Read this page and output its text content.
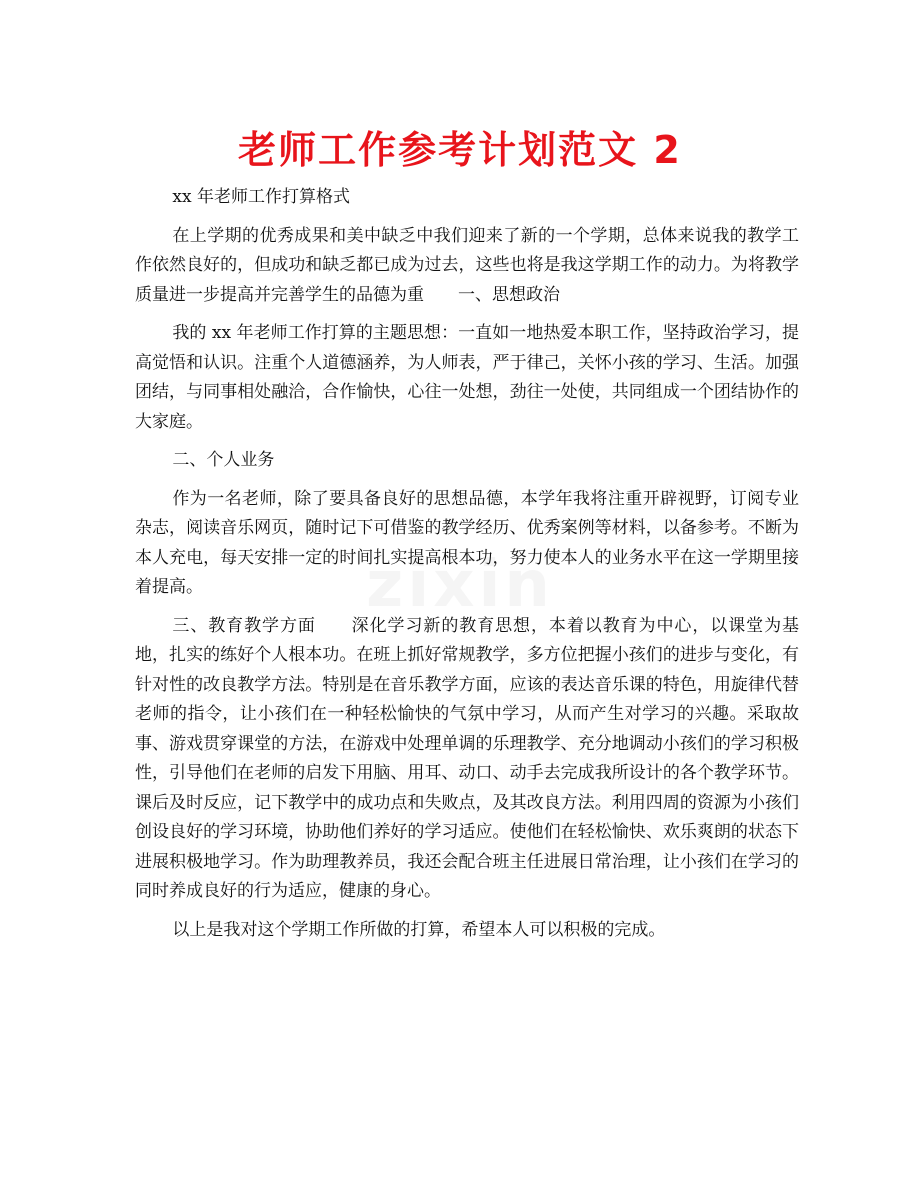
老师工作参考计划范文 2
zixin

xx 年老师工作打算格式

在上学期的优秀成果和美中缺乏中我们迎来了新的一个学期，总体来说我的教学工作依然良好的，但成功和缺乏都已成为过去，这些也将是我这学期工作的动力。为将教学质量进一步提高并完善学生的品德为重　　一、思想政治

我的 xx 年老师工作打算的主题思想：一直如一地热爱本职工作，坚持政治学习，提高觉悟和认识。注重个人道德涵养，为人师表，严于律己，关怀小孩的学习、生活。加强团结，与同事相处融洽，合作愉快，心往一处想，劲往一处使，共同组成一个团结协作的大家庭。

二、个人业务

作为一名老师，除了要具备良好的思想品德，本学年我将注重开辟视野，订阅专业杂志，阅读音乐网页，随时记下可借鉴的教学经历、优秀案例等材料，以备参考。不断为本人充电，每天安排一定的时间扎实提高根本功，努力使本人的业务水平在这一学期里接着提高。

三、教育教学方面　　深化学习新的教育思想，本着以教育为中心，以课堂为基地，扎实的练好个人根本功。在班上抓好常规教学，多方位把握小孩们的进步与变化，有针对性的改良教学方法。特别是在音乐教学方面，应该的表达音乐课的特色，用旋律代替老师的指令，让小孩们在一种轻松愉快的气氛中学习，从而产生对学习的兴趣。采取故事、游戏贯穿课堂的方法，在游戏中处理单调的乐理教学、充分地调动小孩们的学习积极性，引导他们在老师的启发下用脑、用耳、动口、动手去完成我所设计的各个教学环节。课后及时反应，记下教学中的成功点和失败点，及其改良方法。利用四周的资源为小孩们创设良好的学习环境，协助他们养好的学习适应。使他们在轻松愉快、欢乐爽朗的状态下进展积极地学习。作为助理教养员，我还会配合班主任进展日常治理，让小孩们在学习的同时养成良好的行为适应，健康的身心。

以上是我对这个学期工作所做的打算，希望本人可以积极的完成。
